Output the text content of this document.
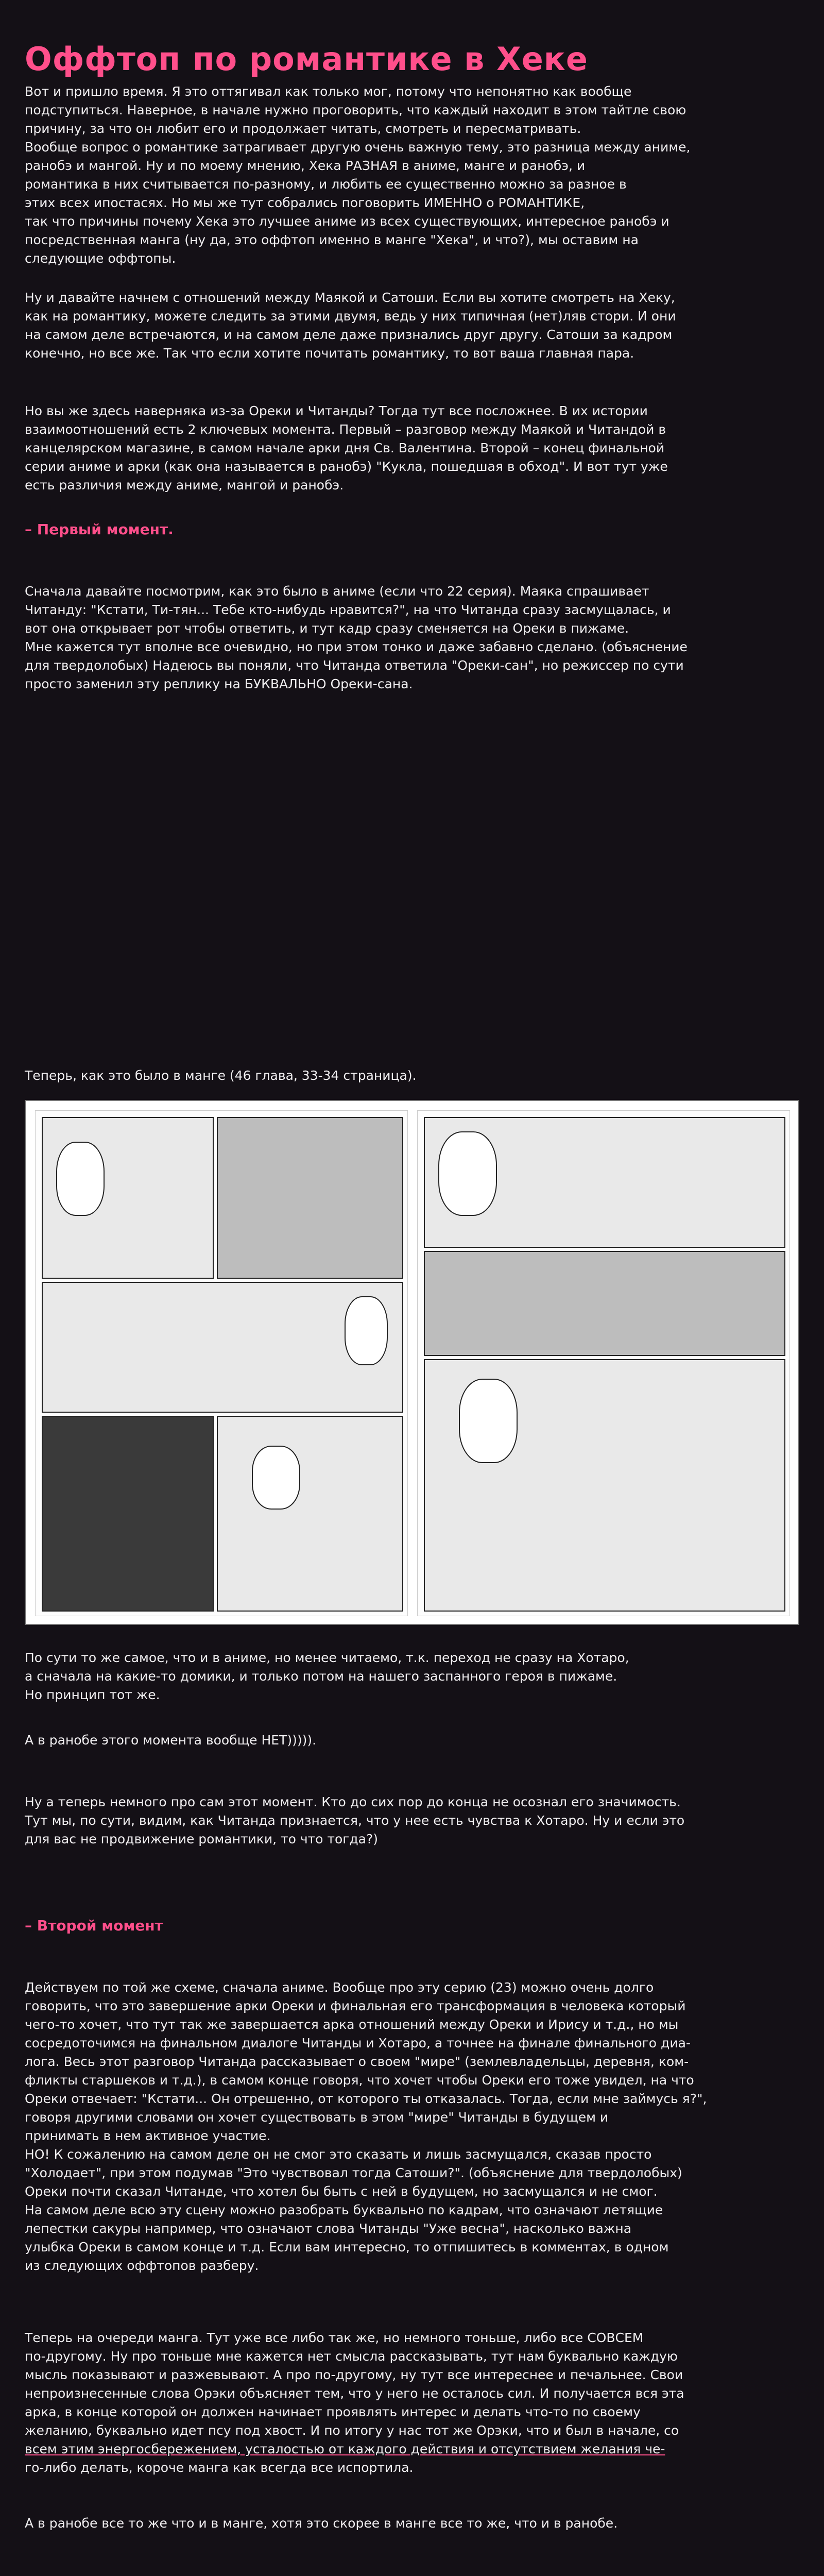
Оффтоп по романтике в Хеке
Вот и пришло время. Я это оттягивал как только мог, потому что непонятно как вообще
подступиться. Наверное, в начале нужно проговорить, что каждый находит в этом тайтле свою
причину, за что он любит его и продолжает читать, смотреть и пересматривать.
Вообще вопрос о романтике затрагивает другую очень важную тему, это разница между аниме,
ранобэ и мангой. Ну и по моему мнению, Хека РАЗНАЯ в аниме, манге и ранобэ, и
романтика в них считывается по-разному, и любить ее существенно можно за разное в
этих всех ипостасях. Но мы же тут собрались поговорить ИМЕННО о РОМАНТИКЕ,
так что причины почему Хека это лучшее аниме из всех существующих, интересное ранобэ и
посредственная манга (ну да, это оффтоп именно в манге "Хека", и что?), мы оставим на
следующие оффтопы.
Ну и давайте начнем с отношений между Маякой и Сатоши. Если вы хотите смотреть на Хеку,
как на романтику, можете следить за этими двумя, ведь у них типичная (нет)ляв стори. И они
на самом деле встречаются, и на самом деле даже признались друг другу. Сатоши за кадром
конечно, но все же. Так что если хотите почитать романтику, то вот ваша главная пара.
Но вы же здесь наверняка из-за Ореки и Читанды? Тогда тут все посложнее. В их истории
взаимоотношений есть 2 ключевых момента. Первый – разговор между Маякой и Читандой в
канцелярском магазине, в самом начале арки дня Св. Валентина. Второй – конец финальной
серии аниме и арки (как она называется в ранобэ) "Кукла, пошедшая в обход". И вот тут уже
есть различия между аниме, мангой и ранобэ.
– Первый момент.
Сначала давайте посмотрим, как это было в аниме (если что 22 серия). Маяка спрашивает
Читанду: "Кстати, Ти-тян... Тебе кто-нибудь нравится?", на что Читанда сразу засмущалась, и
вот она открывает рот чтобы ответить, и тут кадр сразу сменяется на Ореки в пижаме.
Мне кажется тут вполне все очевидно, но при этом тонко и даже забавно сделано. (объяснение
для твердолобых) Надеюсь вы поняли, что Читанда ответила "Ореки-сан", но режиссер по сути
просто заменил эту реплику на БУКВАЛЬНО Ореки-сана.
Теперь, как это было в манге (46 глава, 33-34 страница).
По сути то же самое, что и в аниме, но менее читаемо, т.к. переход не сразу на Хотаро,
а сначала на какие-то домики, и только потом на нашего заспанного героя в пижаме.
Но принцип тот же.
А в ранобе этого момента вообще НЕТ))))).
Ну а теперь немного про сам этот момент. Кто до сих пор до конца не осознал его значимость.
Тут мы, по сути, видим, как Читанда признается, что у нее есть чувства к Хотаро. Ну и если это
для вас не продвижение романтики, то что тогда?)
– Второй момент
Действуем по той же схеме, сначала аниме. Вообще про эту серию (23) можно очень долго
говорить, что это завершение арки Ореки и финальная его трансформация в человека который
чего-то хочет, что тут так же завершается арка отношений между Ореки и Ирису и т.д., но мы
сосредоточимся на финальном диалоге Читанды и Хотаро, а точнее на финале финального диа-
лога. Весь этот разговор Читанда рассказывает о своем "мире" (землевладельцы, деревня, ком-
фликты старшеков и т.д.), в самом конце говоря, что хочет чтобы Ореки его тоже увидел, на что
Ореки отвечает: "Кстати... Он отрешенно, от которого ты отказалась. Тогда, если мне займусь я?",
говоря другими словами он хочет существовать в этом "мире" Читанды в будущем и
принимать в нем активное участие.
НО! К сожалению на самом деле он не смог это сказать и лишь засмущался, сказав просто
"Холодает", при этом подумав "Это чувствовал тогда Сатоши?". (объяснение для твердолобых)
Ореки почти сказал Читанде, что хотел бы быть с ней в будущем, но засмущался и не смог.
На самом деле всю эту сцену можно разобрать буквально по кадрам, что означают летящие
лепестки сакуры например, что означают слова Читанды "Уже весна", насколько важна
улыбка Ореки в самом конце и т.д. Если вам интересно, то отпишитесь в комментах, в одном
из следующих оффтопов разберу.
Теперь на очереди манга. Тут уже все либо так же, но немного тоньше, либо все СОВСЕМ
по-другому. Ну про тоньше мне кажется нет смысла рассказывать, тут нам буквально каждую
мысль показывают и разжевывают. А про по-другому, ну тут все интереснее и печальнее. Свои
непроизнесенные слова Орэки объясняет тем, что у него не осталось сил. И получается вся эта
арка, в конце которой он должен начинает проявлять интерес и делать что-то по своему
желанию, буквально идет псу под хвост. И по итогу у нас тот же Орэки, что и был в начале, со
всем этим энергосбережением, усталостью от каждого действия и отсутствием желания че-
го-либо делать, короче манга как всегда все испортила.
А в ранобе все то же что и в манге, хотя это скорее в манге все то же, что и в ранобе.
